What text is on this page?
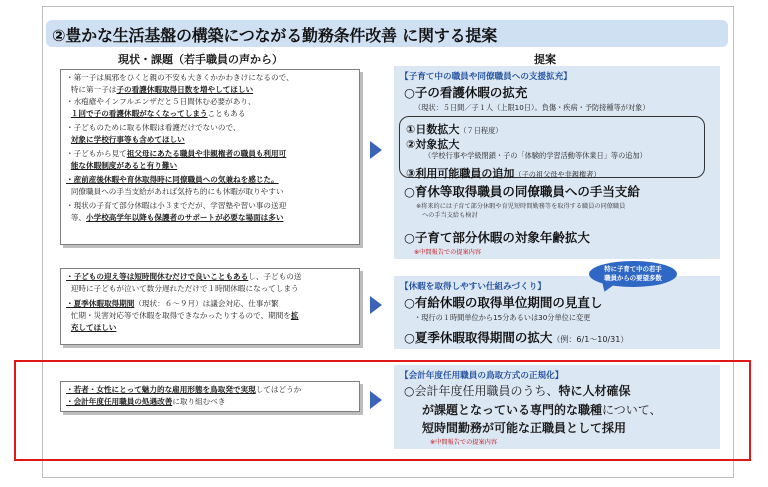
②豊かな生活基盤の構築につながる勤務条件改善 に関する提案
現状・課題（若手職員の声から）	提案
・第一子は風邪をひくと親の不安も大きくかかわきけになるので、
特に第一子は子の看護休暇取得日数を増やしてほしい
・水疱瘡やインフルエンザだと５日間休む必要があり、
１回で子の看護休暇がなくなってしまうこともある
・子どものために取る休暇は看護だけでないので、
対象に学校行事等も含めてほしい
・子どもから見て祖父母にあたる職員や非親権者の職員も利用可
能な休暇制度があると有り難い
・産前産後休暇や育休取得時に同僚職員への気兼ねを感じた。
同僚職員への手当支給があれば気持ち的にも休暇が取りやすい
・現状の子育て部分休暇は小３までだが、学習塾や習い事の送迎
等、小学校高学年以降も保護者のサポートが必要な場面は多い
・子どもの迎え等は短時間休むだけで良いこともあるし、子どもの送
迎時に子どもが泣いて数分遅れただけで１時間休暇になってしまう
・夏季休暇取得期間（現状：６～９月）は議会対応、仕事が繁
忙期・災害対応等で休暇を取得できなかったりするので、期間を拡
充してほしい
・若者・女性にとって魅力的な雇用形態を鳥取発で実現してはどうか
・会計年度任用職員の処遇改善に取り組むべき
【子育て中の職員や同僚職員への支援拡充】
○子の看護休暇の拡充
（現状：５日間／子１人（上限10日）。負傷・疾病・予防接種等が対象）
①日数拡大（７日程度）
②対象拡大
（学校行事や学級閉鎖・子の「体験的学習活動等休業日」等の追加）
③利用可能職員の追加（子の祖父母や非親権者）
○育休等取得職員の同僚職員への手当支給
※将来的には子育て部分休暇や育児短時間勤務等を取得する職員の同僚職員
への手当支給も検討
○子育て部分休暇の対象年齢拡大
※中間報告での提案内容
【休暇を取得しやすい仕組みづくり】
○有給休暇の取得単位期間の見直し
・現行の１時間単位から15分あるいは30分単位に変更
○夏季休暇取得期間の拡大（例：6/1～10/31）
特に子育て中の若手
職員からの要望多数
【会計年度任用職員の鳥取方式の正規化】
○会計年度任用職員のうち、特に人材確保
が課題となっている専門的な職種について、
短時間勤務が可能な正職員として採用
※中間報告での提案内容
